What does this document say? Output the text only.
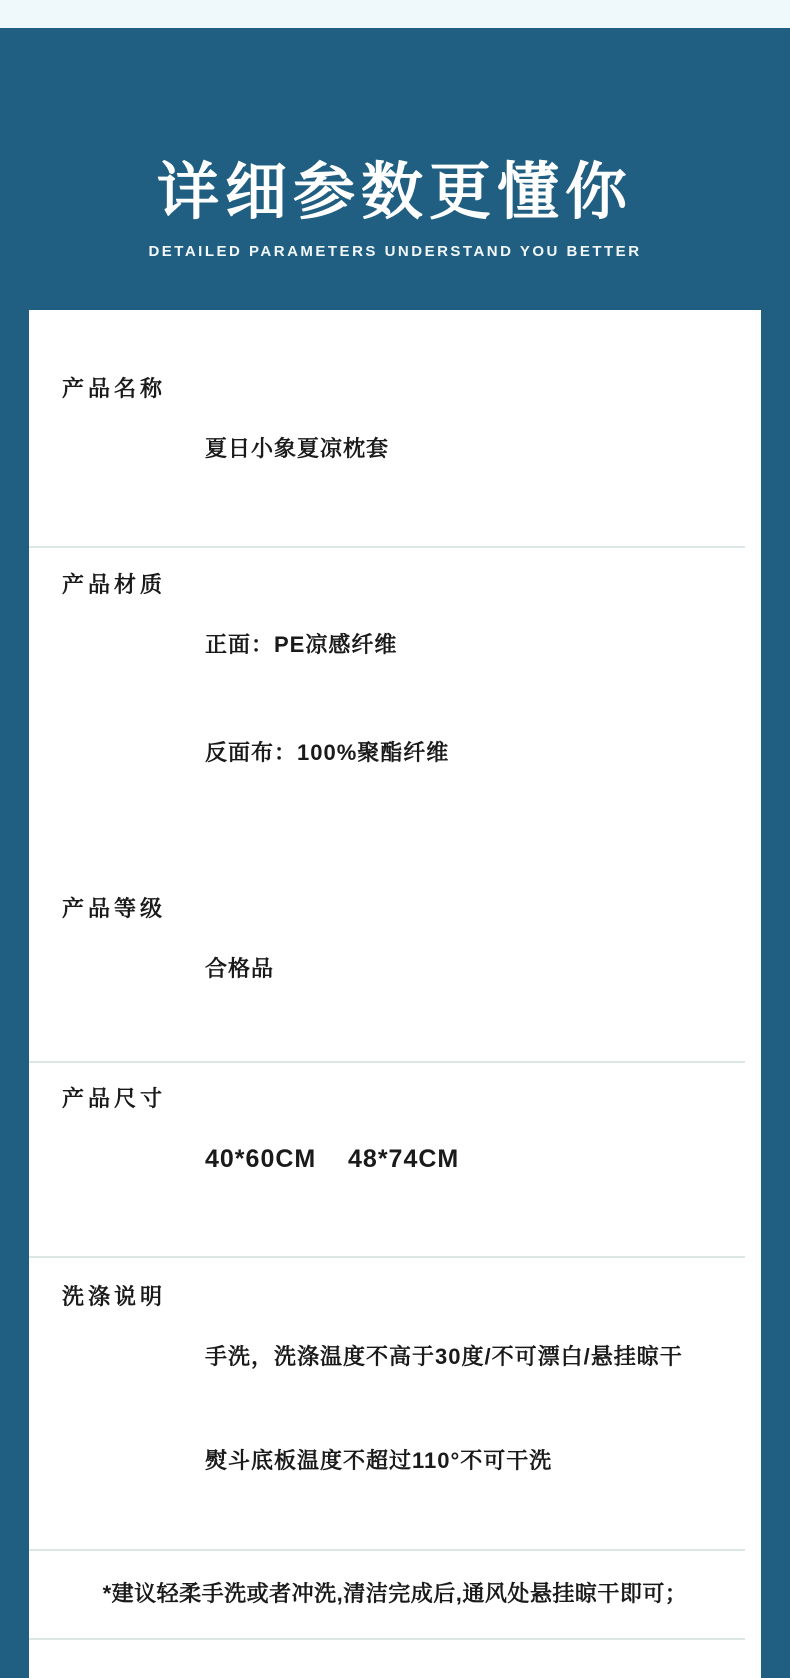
详细参数更懂你
DETAILED PARAMETERS UNDERSTAND YOU BETTER
产品名称

夏日小象夏凉枕套

产品材质

正面：PE凉感纤维

反面布：100%聚酯纤维

产品等级

合格品

产品尺寸

40*60CM    48*74CM

洗涤说明

手洗，洗涤温度不高于30度/不可漂白/悬挂晾干

熨斗底板温度不超过110°不可干洗

*建议轻柔手洗或者冲洗,清洁完成后,通风处悬挂晾干即可；
